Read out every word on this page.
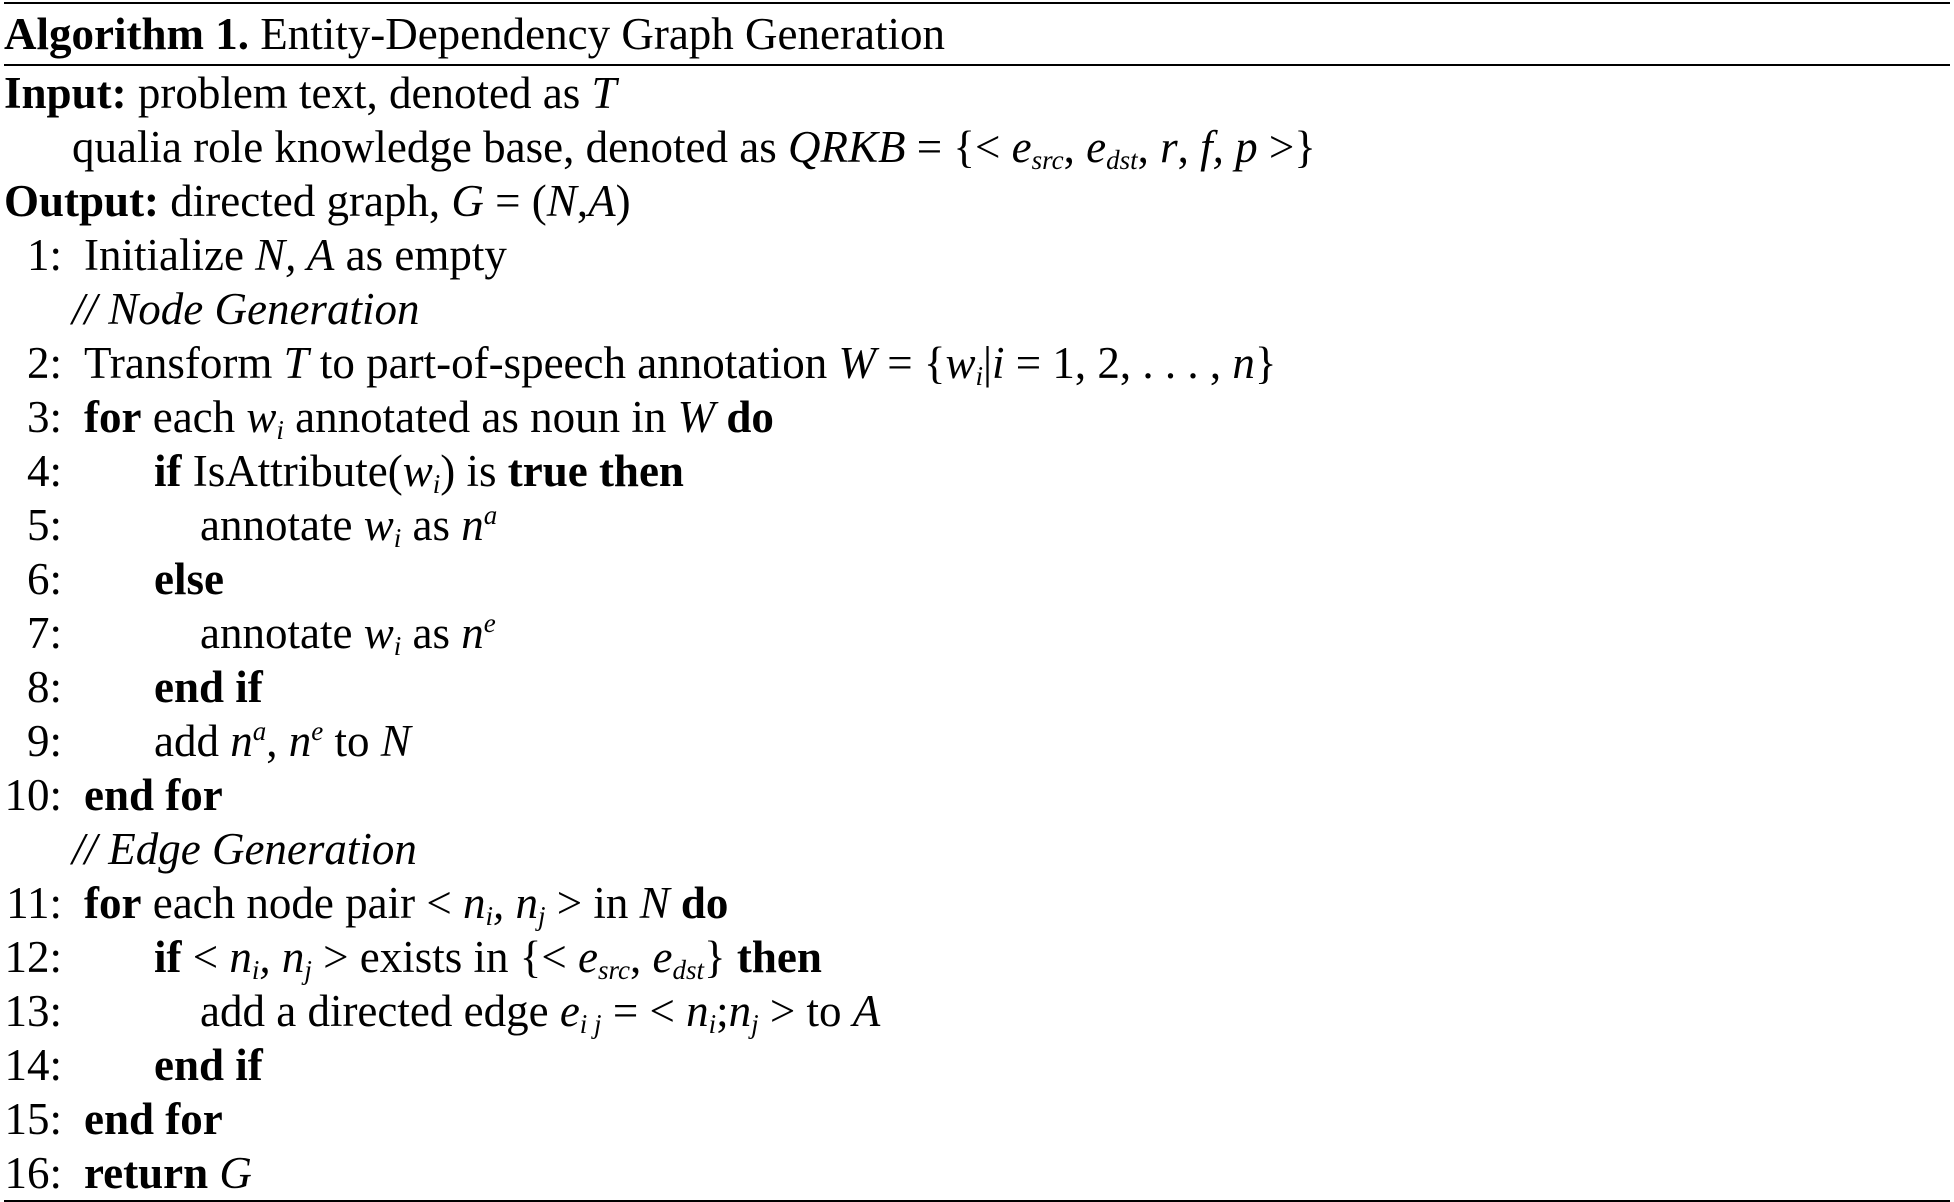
Algorithm 1. Entity-Dependency Graph Generation
Input: problem text, denoted as T
qualia role knowledge base, denoted as QRKB = {< $e_{src}$, $e_{dst}$, r, f, p >}
Output: directed graph, G = (N,A)
1: Initialize N, A as empty
// Node Generation
2: Transform T to part-of-speech annotation $W = \{w_i|i = 1$, 2, . . . , n}
3: for each $w_i$ annotated as noun in W do
4: if $IsAttribute(w_i)$ is true then
5:	annotate $w_i$ as $n^a$
6: else
7:	annotate $w_i$ as $n^e$
8: end if
9: add $n^a$, $n^e$ to N
10: end for
// Edge Generation
11: for each node pair < $n_i$, $n_j$ > in N do
12: if < $n_i$, $n_j$ > exists in {< $e_{src}$, $e_{dst}$} then
13:	add a directed edge $e_{i j}$ = < $n_i;n_j$ > to A
14: end if
15: end for
16: return G
